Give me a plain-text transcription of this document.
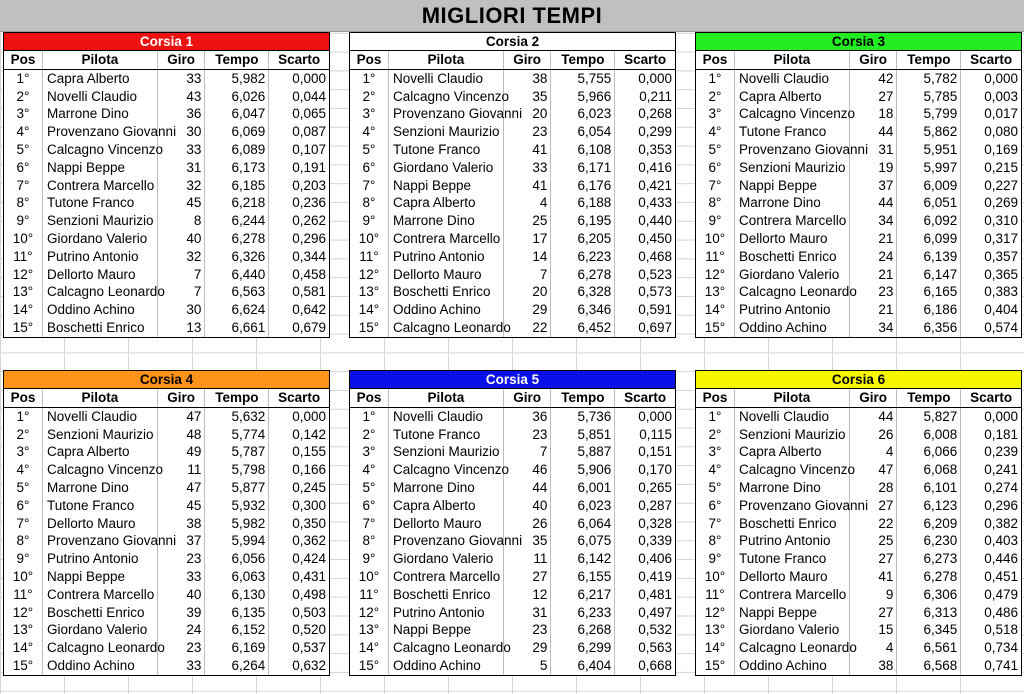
MIGLIORI TEMPI
Corsia 1
Pos	Pilota	Giro	Tempo	Scarto
1°	Capra Alberto	33	5,982	0,000
2°	Novelli Claudio	43	6,026	0,044
3°	Marrone Dino	36	6,047	0,065
4°	Provenzano Giovanni	30	6,069	0,087
5°	Calcagno Vincenzo	33	6,089	0,107
6°	Nappi Beppe	31	6,173	0,191
7°	Contrera Marcello	32	6,185	0,203
8°	Tutone Franco	45	6,218	0,236
9°	Senzioni Maurizio	8	6,244	0,262
10°	Giordano Valerio	40	6,278	0,296
11°	Putrino Antonio	32	6,326	0,344
12°	Dellorto Mauro	7	6,440	0,458
13°	Calcagno Leonardo	7	6,563	0,581
14°	Oddino Achino	30	6,624	0,642
15°	Boschetti Enrico	13	6,661	0,679
Corsia 2
Pos	Pilota	Giro	Tempo	Scarto
1°	Novelli Claudio	38	5,755	0,000
2°	Calcagno Vincenzo	35	5,966	0,211
3°	Provenzano Giovanni	20	6,023	0,268
4°	Senzioni Maurizio	23	6,054	0,299
5°	Tutone Franco	41	6,108	0,353
6°	Giordano Valerio	33	6,171	0,416
7°	Nappi Beppe	41	6,176	0,421
8°	Capra Alberto	4	6,188	0,433
9°	Marrone Dino	25	6,195	0,440
10°	Contrera Marcello	17	6,205	0,450
11°	Putrino Antonio	14	6,223	0,468
12°	Dellorto Mauro	7	6,278	0,523
13°	Boschetti Enrico	20	6,328	0,573
14°	Oddino Achino	29	6,346	0,591
15°	Calcagno Leonardo	22	6,452	0,697
Corsia 3
Pos	Pilota	Giro	Tempo	Scarto
1°	Novelli Claudio	42	5,782	0,000
2°	Capra Alberto	27	5,785	0,003
3°	Calcagno Vincenzo	18	5,799	0,017
4°	Tutone Franco	44	5,862	0,080
5°	Provenzano Giovanni	31	5,951	0,169
6°	Senzioni Maurizio	19	5,997	0,215
7°	Nappi Beppe	37	6,009	0,227
8°	Marrone Dino	44	6,051	0,269
9°	Contrera Marcello	34	6,092	0,310
10°	Dellorto Mauro	21	6,099	0,317
11°	Boschetti Enrico	24	6,139	0,357
12°	Giordano Valerio	21	6,147	0,365
13°	Calcagno Leonardo	23	6,165	0,383
14°	Putrino Antonio	21	6,186	0,404
15°	Oddino Achino	34	6,356	0,574
Corsia 4
Pos	Pilota	Giro	Tempo	Scarto
1°	Novelli Claudio	47	5,632	0,000
2°	Senzioni Maurizio	48	5,774	0,142
3°	Capra Alberto	49	5,787	0,155
4°	Calcagno Vincenzo	11	5,798	0,166
5°	Marrone Dino	47	5,877	0,245
6°	Tutone Franco	45	5,932	0,300
7°	Dellorto Mauro	38	5,982	0,350
8°	Provenzano Giovanni	37	5,994	0,362
9°	Putrino Antonio	23	6,056	0,424
10°	Nappi Beppe	33	6,063	0,431
11°	Contrera Marcello	40	6,130	0,498
12°	Boschetti Enrico	39	6,135	0,503
13°	Giordano Valerio	24	6,152	0,520
14°	Calcagno Leonardo	23	6,169	0,537
15°	Oddino Achino	33	6,264	0,632
Corsia 5
Pos	Pilota	Giro	Tempo	Scarto
1°	Novelli Claudio	36	5,736	0,000
2°	Tutone Franco	23	5,851	0,115
3°	Senzioni Maurizio	7	5,887	0,151
4°	Calcagno Vincenzo	46	5,906	0,170
5°	Marrone Dino	44	6,001	0,265
6°	Capra Alberto	40	6,023	0,287
7°	Dellorto Mauro	26	6,064	0,328
8°	Provenzano Giovanni	35	6,075	0,339
9°	Giordano Valerio	11	6,142	0,406
10°	Contrera Marcello	27	6,155	0,419
11°	Boschetti Enrico	12	6,217	0,481
12°	Putrino Antonio	31	6,233	0,497
13°	Nappi Beppe	23	6,268	0,532
14°	Calcagno Leonardo	29	6,299	0,563
15°	Oddino Achino	5	6,404	0,668
Corsia 6
Pos	Pilota	Giro	Tempo	Scarto
1°	Novelli Claudio	44	5,827	0,000
2°	Senzioni Maurizio	26	6,008	0,181
3°	Capra Alberto	4	6,066	0,239
4°	Calcagno Vincenzo	47	6,068	0,241
5°	Marrone Dino	28	6,101	0,274
6°	Provenzano Giovanni	27	6,123	0,296
7°	Boschetti Enrico	22	6,209	0,382
8°	Putrino Antonio	25	6,230	0,403
9°	Tutone Franco	27	6,273	0,446
10°	Dellorto Mauro	41	6,278	0,451
11°	Contrera Marcello	9	6,306	0,479
12°	Nappi Beppe	27	6,313	0,486
13°	Giordano Valerio	15	6,345	0,518
14°	Calcagno Leonardo	4	6,561	0,734
15°	Oddino Achino	38	6,568	0,741
